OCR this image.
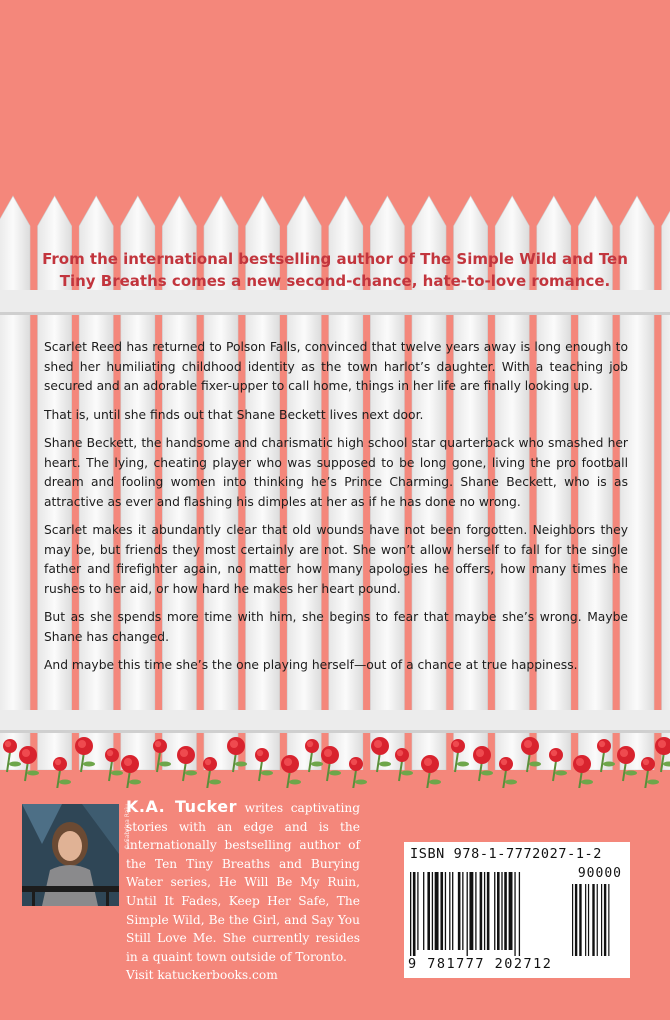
From the international bestselling author of The Simple Wild and Ten Tiny Breaths comes a new second-chance, hate-to-love romance.

Scarlet Reed has returned to Polson Falls, convinced that twelve years away is long enough to shed her humiliating childhood identity as the town harlot’s daughter. With a teaching job secured and an adorable fixer-upper to call home, things in her life are finally looking up.

That is, until she finds out that Shane Beckett lives next door.

Shane Beckett, the handsome and charismatic high school star quarterback who smashed her heart. The lying, cheating player who was supposed to be long gone, living the pro football dream and fooling women into thinking he’s Prince Charming. Shane Beckett, who is as attractive as ever and flashing his dimples at her as if he has done no wrong.

Scarlet makes it abundantly clear that old wounds have not been forgotten. Neighbors they may be, but friends they most certainly are not. She won’t allow herself to fall for the single father and firefighter again, no matter how many apologies he offers, how many times he rushes to her aid, or how hard he makes her heart pound.

But as she spends more time with him, she begins to fear that maybe she’s wrong. Maybe Shane has changed.

And maybe this time she’s the one playing herself—out of a chance at true happiness.

© Sabrina Raju
K.A. Tucker writes captivating stories with an edge and is the internationally bestselling author of the Ten Tiny Breaths and Burying Water series, He Will Be My Ruin, Until It Fades, Keep Her Safe, The Simple Wild, Be the Girl, and Say You Still Love Me. She currently resides in a quaint town outside of Toronto.
Visit katuckerbooks.com
ISBN 978-1-7772027-1-2
90000
9 781777 202712
